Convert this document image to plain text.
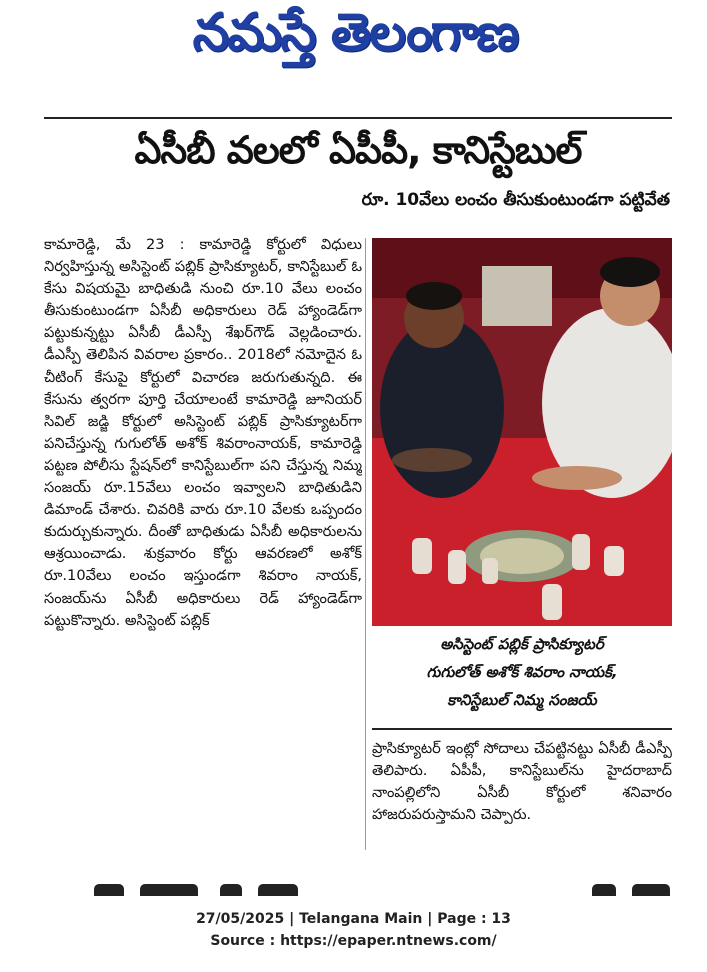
నమస్తే తెలంగాణ
ఏసీబీ వలలో ఏపీపీ, కానిస్టేబుల్
రూ. 10వేలు లంచం తీసుకుంటుండగా పట్టివేత
కామారెడ్డి, మే 23 : కామారెడ్డి కోర్టులో విధులు నిర్వహిస్తున్న అసిస్టెంట్ పబ్లిక్ ప్రాసిక్యూటర్, కానిస్టేబుల్ ఓ కేసు విషయమై బాధితుడి నుంచి రూ.10 వేలు లంచం తీసుకుంటుండగా ఏసీబీ అధికారులు రెడ్ హ్యాండెడ్‌గా పట్టుకున్నట్టు ఏసీబీ డీఎస్పీ శేఖర్‌గౌడ్ వెల్లడించారు. డీఎస్పీ తెలిపిన వివరాల ప్రకారం.. 2018లో నమోదైన ఓ చీటింగ్ కేసుపై కోర్టులో విచారణ జరుగుతున్నది. ఈ కేసును త్వరగా పూర్తి చేయాలంటే కామారెడ్డి జూనియర్ సివిల్ జడ్జి కోర్టులో అసిస్టెంట్ పబ్లిక్ ప్రాసిక్యూటర్‌గా పనిచేస్తున్న గుగులోత్ అశోక్ శివరాంనాయక్, కామారెడ్డి పట్టణ పోలీసు స్టేషన్‌లో కానిస్టేబుల్‌గా పని చేస్తున్న నిమ్మ సంజయ్ రూ.15వేలు లంచం ఇవ్వాలని బాధితుడిని డిమాండ్ చేశారు. చివరికి వారు రూ.10 వేలకు ఒప్పందం కుదుర్చుకున్నారు. దీంతో బాధితుడు ఏసీబీ అధికారులను ఆశ్రయించాడు. శుక్రవారం కోర్టు ఆవరణలో అశోక్ రూ.10వేలు లంచం ఇస్తుండగా శివరాం నాయక్, సంజయ్‌ను ఏసీబీ అధికారులు రెడ్ హ్యాండెడ్‌గా పట్టుకొన్నారు. అసిస్టెంట్ పబ్లిక్
అసిస్టెంట్ పబ్లిక్ ప్రాసిక్యూటర్
గుగులోత్ అశోక్ శివరాం నాయక్,
కానిస్టేబుల్ నిమ్మ సంజయ్
ప్రాసిక్యూటర్ ఇంట్లో సోదాలు చేపట్టినట్టు ఏసీబీ డీఎస్పీ తెలిపారు. ఏపీపీ, కానిస్టేబుల్‌ను హైదరాబాద్ నాంపల్లిలోని ఏసీబీ కోర్టులో శనివారం హాజరుపరుస్తామని చెప్పారు.
27/05/2025 | Telangana Main | Page : 13
Source : https://epaper.ntnews.com/
